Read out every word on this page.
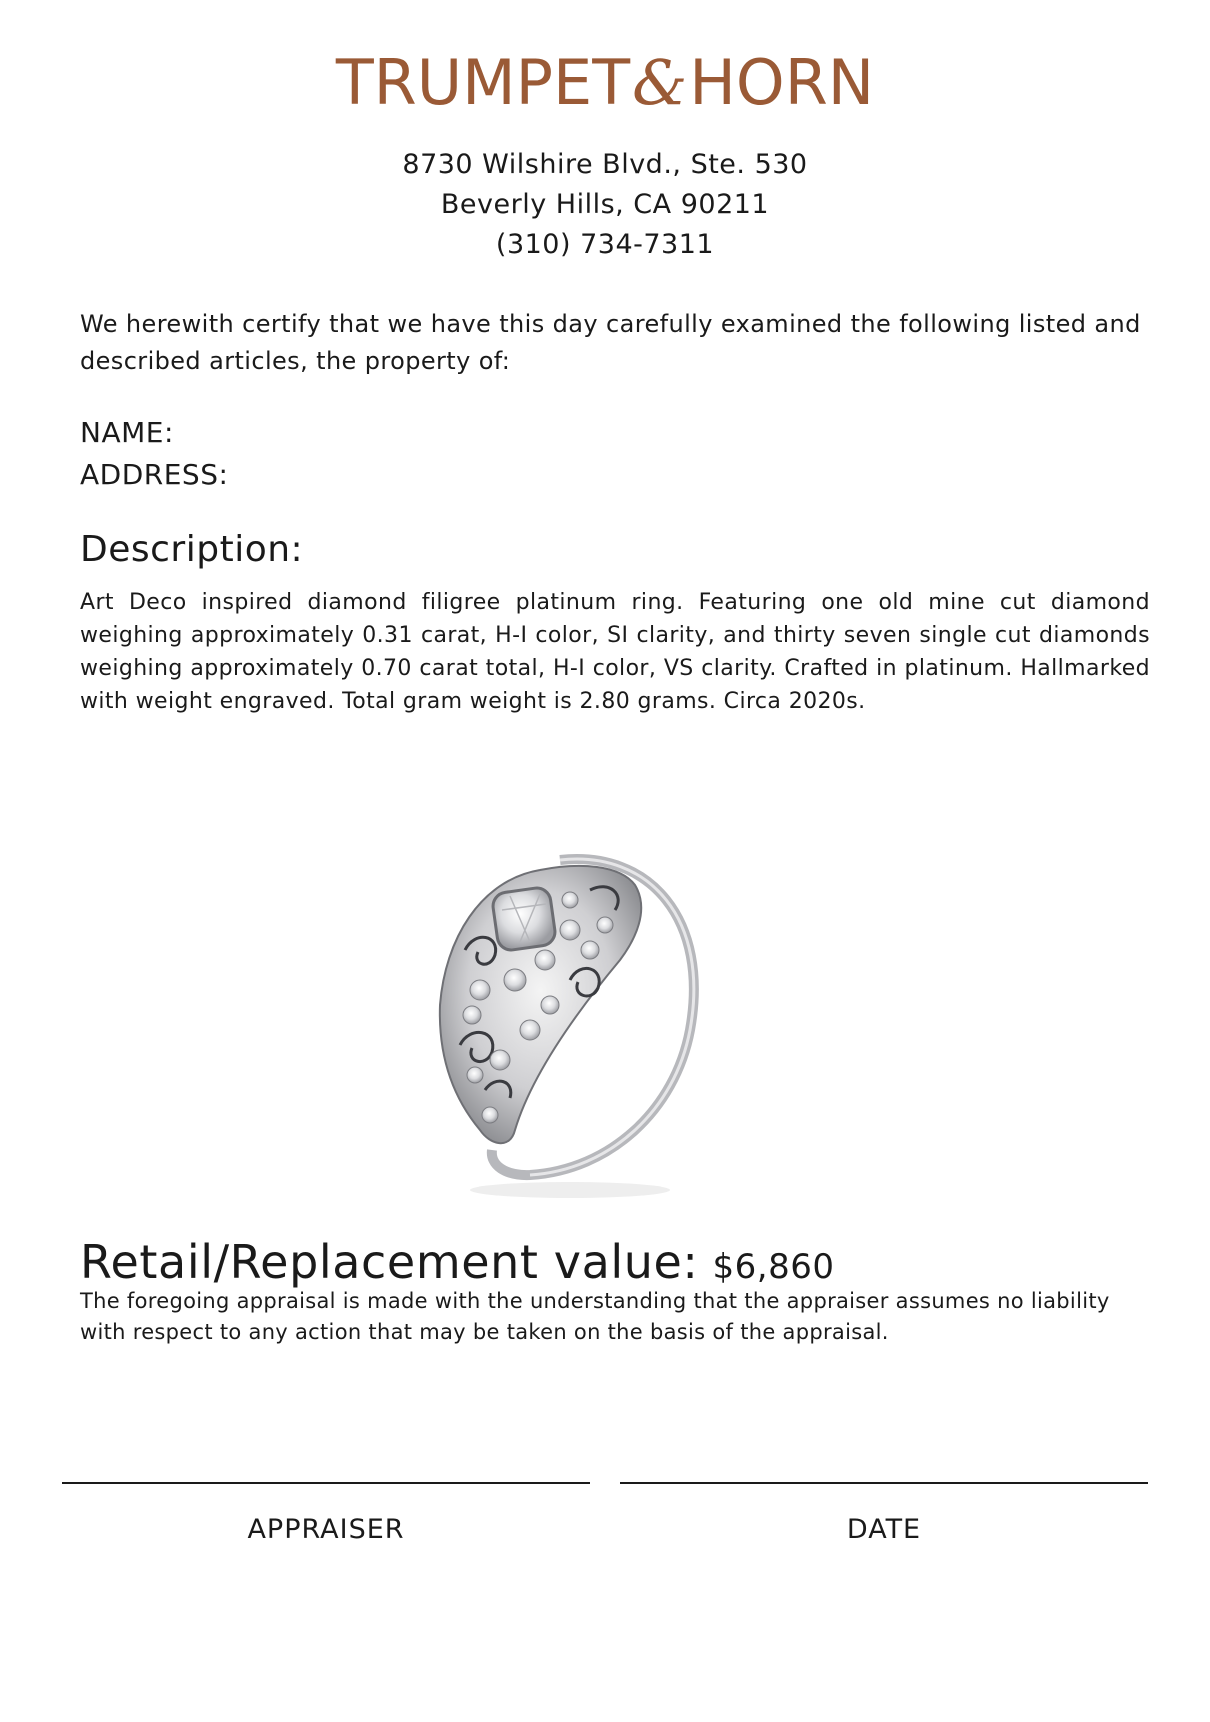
TRUMPET&HORN
8730 Wilshire Blvd., Ste. 530
Beverly Hills, CA 90211
(310) 734-7311
We herewith certify that we have this day carefully examined the following listed and described articles, the property of:
NAME:
ADDRESS:
Description:
Art Deco inspired diamond filigree platinum ring. Featuring one old mine cut diamond weighing approximately 0.31 carat, H-I color, SI clarity, and thirty seven single cut diamonds weighing approximately 0.70 carat total, H-I color, VS clarity. Crafted in platinum. Hallmarked with weight engraved. Total gram weight is 2.80 grams. Circa 2020s.
Retail/Replacement value: $6,860
The foregoing appraisal is made with the understanding that the appraiser assumes no liability with respect to any action that may be taken on the basis of the appraisal.
APPRAISER	DATE
